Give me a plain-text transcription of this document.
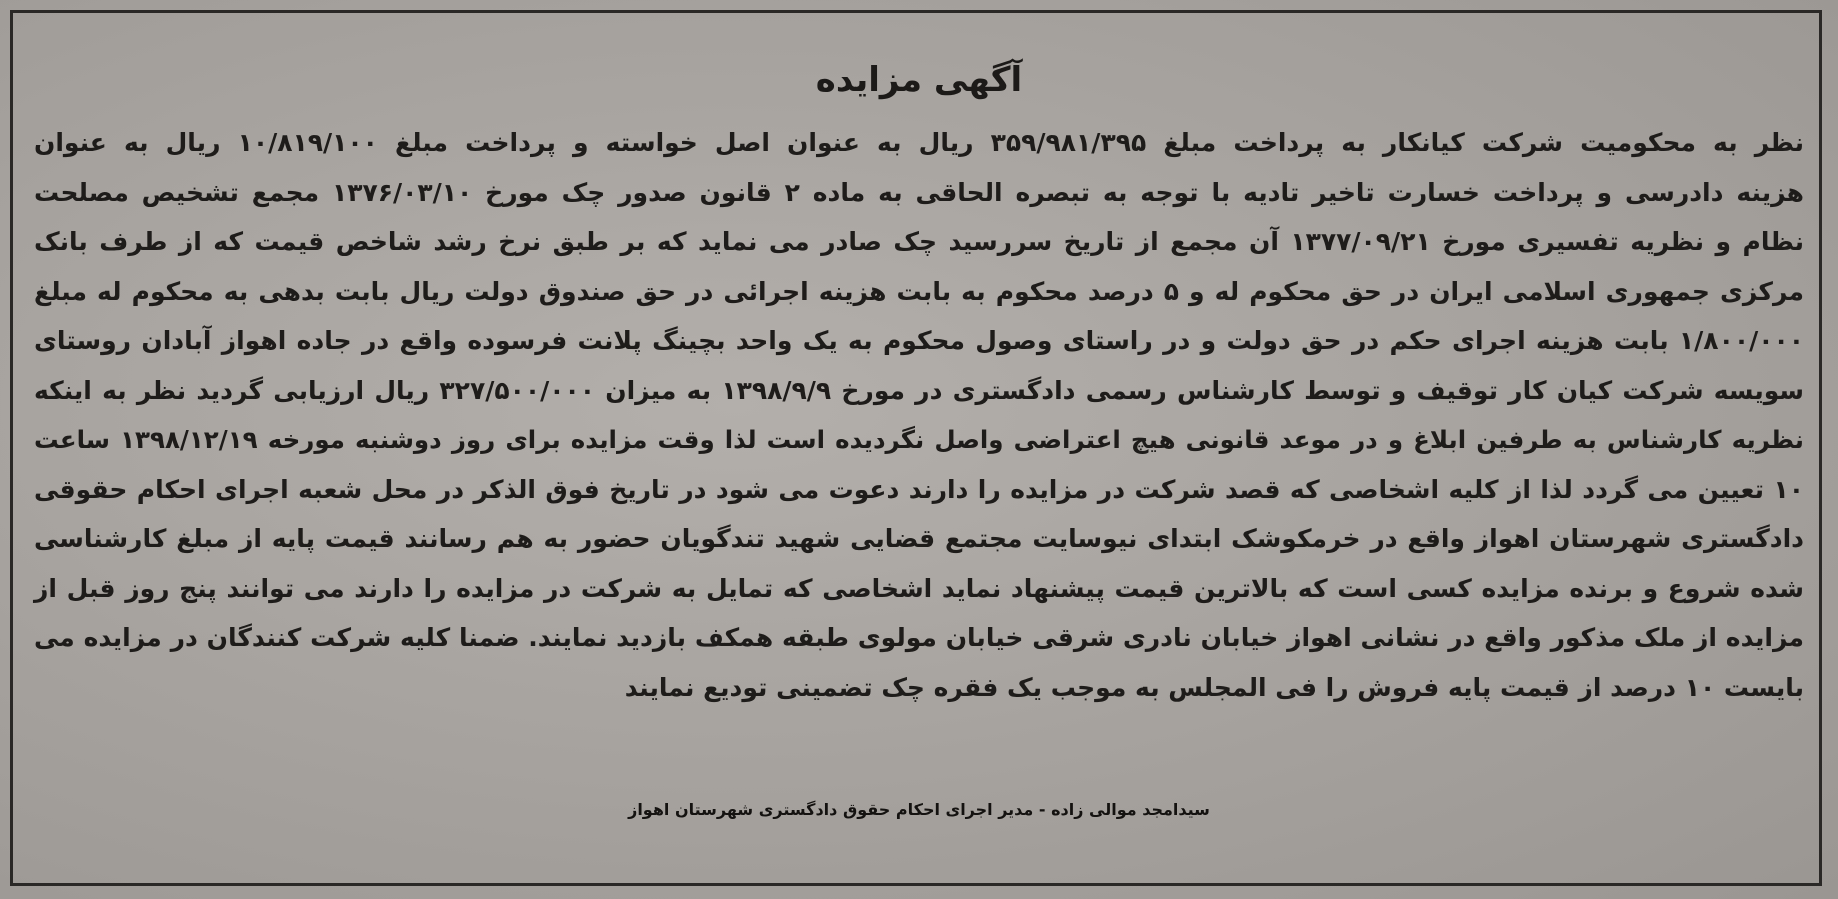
آگهی مزایده
نظر به محکومیت شرکت کیانکار به پرداخت مبلغ ۳۵۹/۹۸۱/۳۹۵ ریال به عنوان اصل خواسته و پرداخت مبلغ ۱۰/۸۱۹/۱۰۰ ریال به عنوان
هزینه دادرسی و پرداخت خسارت تاخیر تادیه با توجه به تبصره الحاقی به ماده ۲ قانون صدور چک مورخ ۱۳۷۶/۰۳/۱۰ مجمع تشخیص مصلحت
نظام و نظریه تفسیری مورخ ۱۳۷۷/۰۹/۲۱ آن مجمع از تاریخ سررسید چک صادر می نماید که بر طبق نرخ رشد شاخص قیمت که از طرف بانک
مرکزی جمهوری اسلامی ایران در حق محکوم له و ۵ درصد محکوم به بابت هزینه اجرائی در حق صندوق دولت ریال بابت بدهی به محکوم له مبلغ
۱/۸۰۰/۰۰۰ بابت هزینه اجرای حکم در حق دولت و در راستای وصول محکوم به یک واحد بچینگ پلانت فرسوده واقع در جاده اهواز آبادان روستای
سویسه شرکت کیان کار توقیف و توسط کارشناس رسمی دادگستری در مورخ ۱۳۹۸/۹/۹ به میزان ۳۲۷/۵۰۰/۰۰۰ ریال ارزیابی گردید نظر به اینکه
نظریه کارشناس به طرفین ابلاغ و در موعد قانونی هیچ اعتراضی واصل نگردیده است لذا وقت مزایده برای روز دوشنبه مورخه ۱۳۹۸/۱۲/۱۹ ساعت
۱۰ تعیین می گردد لذا از کلیه اشخاصی که قصد شرکت در مزایده را دارند دعوت می شود در تاریخ فوق الذکر در محل شعبه اجرای احکام حقوقی
دادگستری شهرستان اهواز واقع در خرمکوشک ابتدای نیوسایت مجتمع قضایی شهید تندگویان حضور به هم رسانند قیمت پایه از مبلغ کارشناسی
شده شروع و برنده مزایده کسی است که بالاترین قیمت پیشنهاد نماید اشخاصی که تمایل به شرکت در مزایده را دارند می توانند پنج روز قبل از
مزایده از ملک مذکور واقع در نشانی اهواز خیابان نادری شرقی خیابان مولوی طبقه همکف بازدید نمایند. ضمنا کلیه شرکت کنندگان در مزایده می
بایست ۱۰ درصد از قیمت پایه فروش را فی المجلس به موجب یک فقره چک تضمینی تودیع نمایند
سیدامجد موالی زاده - مدیر اجرای احکام حقوق دادگستری شهرستان اهواز
